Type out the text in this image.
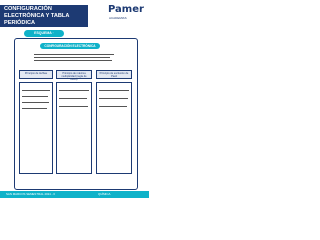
CONFIGURACIÓN ELECTRÓNICA Y TABLA PERIÓDICA
Pamer
ACADEMIAS
ESQUEMA ·
CONFIGURACIÓN ELECTRÓNICA
Principio de Aufbau	Principio de máxima multiplicidad (regla de Hund)
Principio de exclusión de Pauli
SAN MARCOS SEMESTRAL 2024 - II	QUÍMICA
